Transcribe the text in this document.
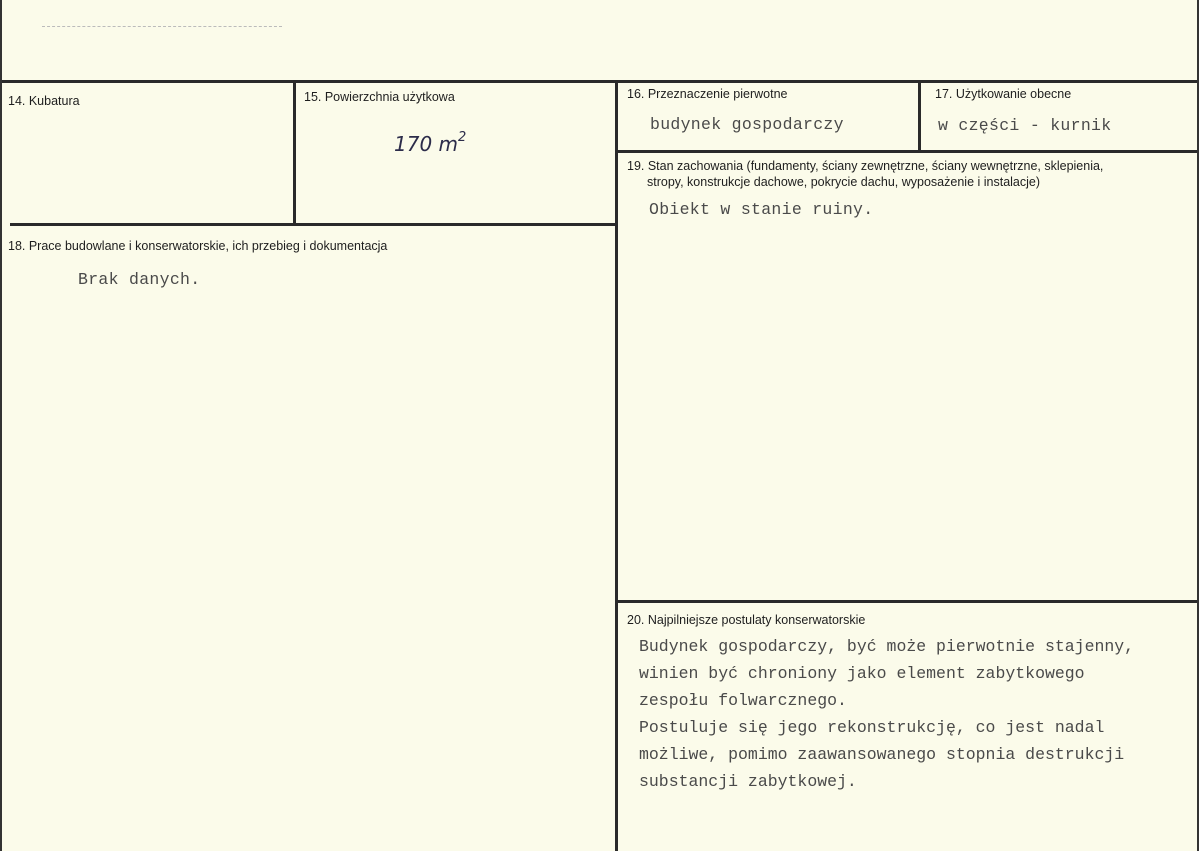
14. Kubatura	15. Powierzchnia użytkowa
170 $m^2$
16. Przeznaczenie pierwotne
budynek gospodarczy
17. Użytkowanie obecne
w części - kurnik
18. Prace budowlane i konserwatorskie, ich przebieg i dokumentacja
Brak danych.
19. Stan zachowania (fundamenty, ściany zewnętrzne, ściany wewnętrzne, sklepienia,
stropy, konstrukcje dachowe, pokrycie dachu, wyposażenie i instalacje)
Obiekt w stanie ruiny.
20. Najpilniejsze postulaty konserwatorskie
Budynek gospodarczy, być może pierwotnie stajenny,
winien być chroniony jako element zabytkowego
zespołu folwarcznego.
Postuluje się jego rekonstrukcję, co jest nadal
możliwe, pomimo zaawansowanego stopnia destrukcji
substancji zabytkowej.
